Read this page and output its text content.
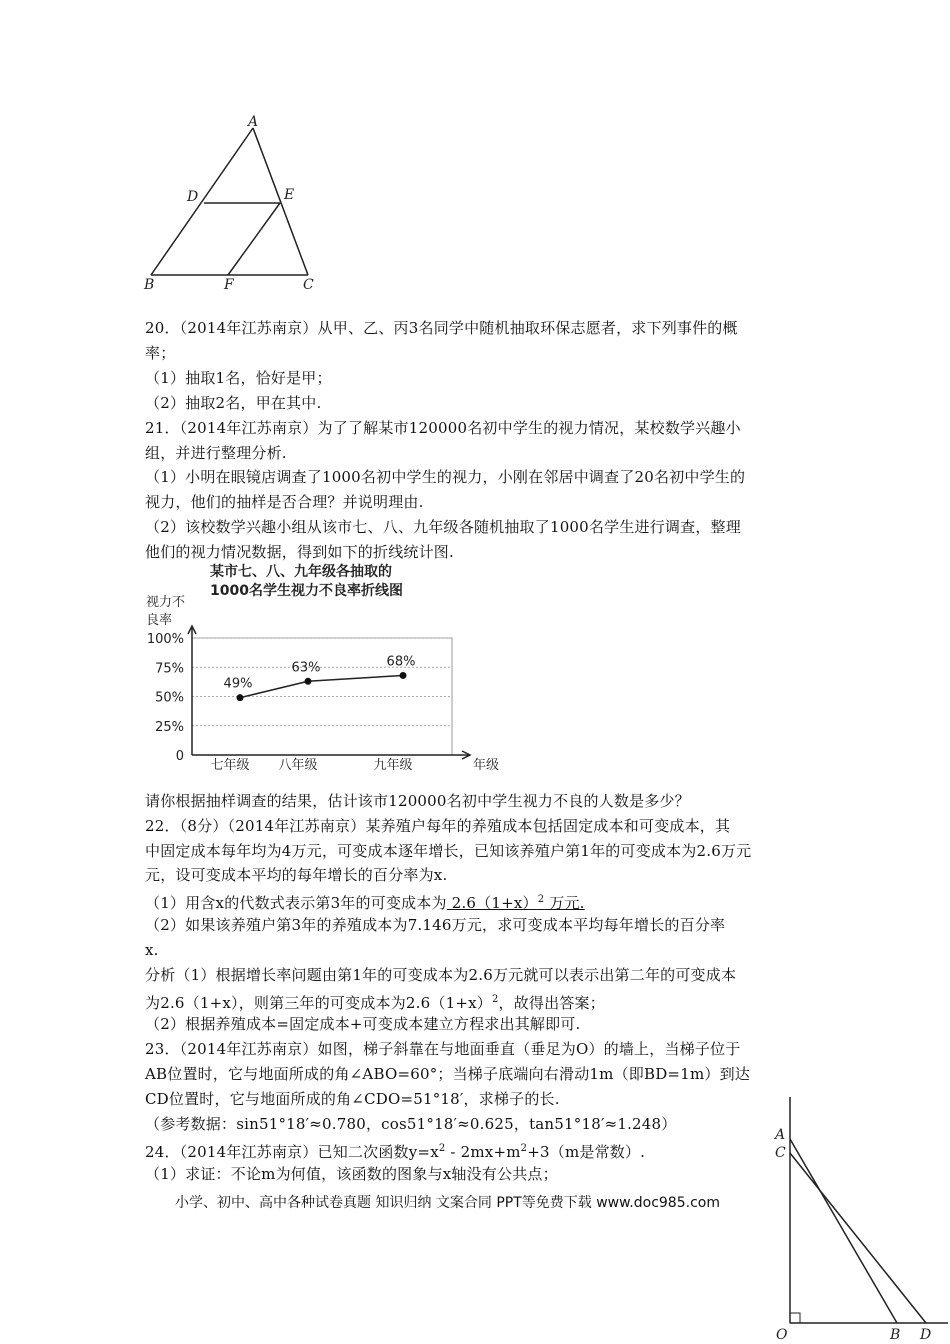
A
D	E
B	F	C
20．（2014年江苏南京）从甲、乙、丙3名同学中随机抽取环保志愿者，求下列事件的概
率；
（1）抽取1名，恰好是甲；
（2）抽取2名，甲在其中.
21．（2014年江苏南京）为了了解某市120000名初中学生的视力情况，某校数学兴趣小
组，并进行整理分析.
（1）小明在眼镜店调查了1000名初中学生的视力，小刚在邻居中调查了20名初中学生的
视力，他们的抽样是否合理？并说明理由.
（2）该校数学兴趣小组从该市七、八、九年级各随机抽取了1000名学生进行调查，整理
他们的视力情况数据，得到如下的折线统计图.
某市七、八、九年级各抽取的
1000名学生视力不良率折线图
视力不
良率
年级
100%
75%
50%
25%
0
49%
七年级
63%
八年级
68%
九年级
请你根据抽样调查的结果，估计该市120000名初中学生视力不良的人数是多少？
22．（8分）（2014年江苏南京）某养殖户每年的养殖成本包括固定成本和可变成本，其
中固定成本每年均为4万元，可变成本逐年增长，已知该养殖户第1年的可变成本为2.6万元
元，设可变成本平均的每年增长的百分率为x.
（1）用含x的代数式表示第3年的可变成本为 $2.6(1+x)^2$ 万元.
（2）如果该养殖户第3年的养殖成本为7.146万元，求可变成本平均每年增长的百分率
x.
分析（1）根据增长率问题由第1年的可变成本为2.6万元就可以表示出第二年的可变成本
为2.6（1+x），则第三年的可变成本为$2.6(1+x)^2$，故得出答案；
（2）根据养殖成本=固定成本+可变成本建立方程求出其解即可.
23．（2014年江苏南京）如图，梯子斜靠在与地面垂直（垂足为O）的墙上，当梯子位于
AB位置时，它与地面所成的角∠ABO=60°；当梯子底端向右滑动1m（即BD=1m）到达
CD位置时，它与地面所成的角∠CDO=51°18′，求梯子的长.
（参考数据：sin51°18′≈0.780，cos51°18′≈0.625，tan51°18′≈1.248）
24．（2014年江苏南京）已知二次函数$y=x^2 - 2mx+m^2+3(m$是常数）.
（1）求证：不论m为何值，该函数的图象与x轴没有公共点；
小学、初中、高中各种试卷真题 知识归纳 文案合同 PPT等免费下载 www.doc985.com
A
C
O	B D
